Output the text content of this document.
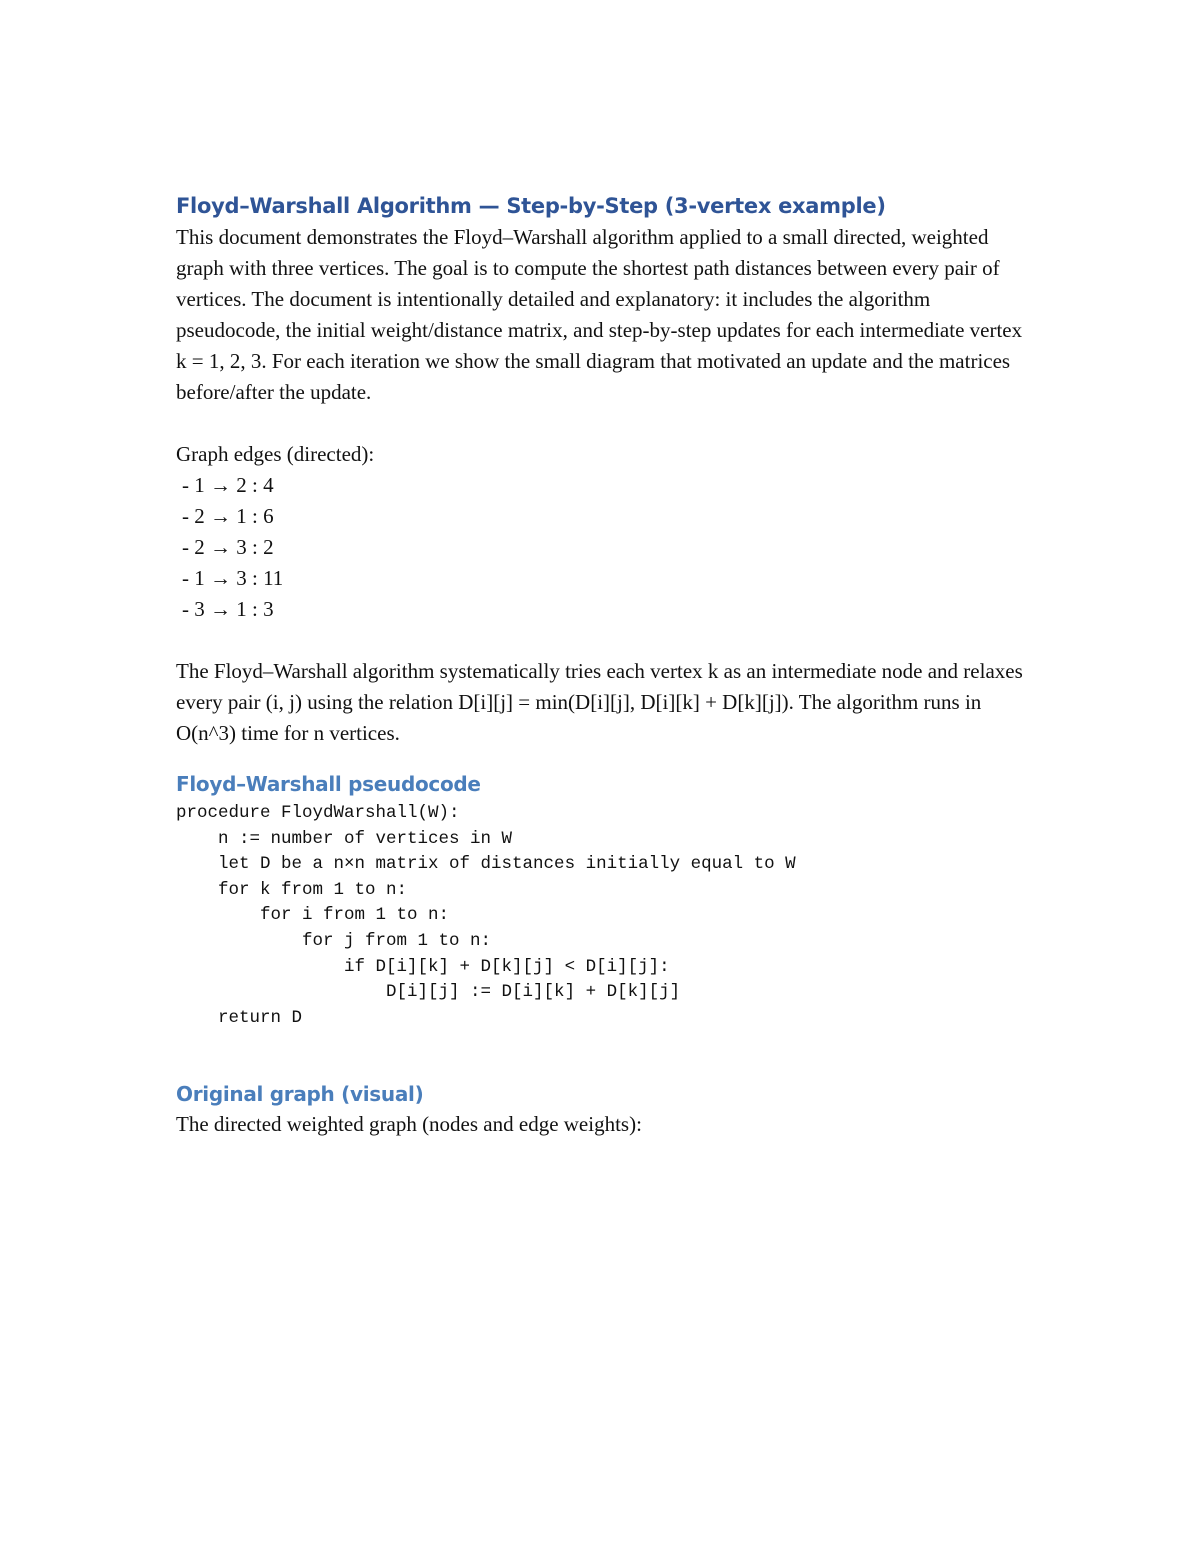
Floyd–Warshall Algorithm — Step-by-Step (3-vertex example)

This document demonstrates the Floyd–Warshall algorithm applied to a small directed, weighted graph with three vertices. The goal is to compute the shortest path distances between every pair of vertices. The document is intentionally detailed and explanatory: it includes the algorithm pseudocode, the initial weight/distance matrix, and step-by-step updates for each intermediate vertex k = 1, 2, 3. For each iteration we show the small diagram that motivated an update and the matrices before/after the update.

Graph edges (directed):

- 1 → 2 : 4
- 2 → 1 : 6
- 2 → 3 : 2
- 1 → 3 : 11
- 3 → 1 : 3

The Floyd–Warshall algorithm systematically tries each vertex k as an intermediate node and relaxes every pair (i, j) using the relation D[i][j] = min(D[i][j], D[i][k] + D[k][j]). The algorithm runs in O(n^3) time for n vertices.

Floyd–Warshall pseudocode
procedure FloydWarshall(W):
n := number of vertices in W
let D be a n×n matrix of distances initially equal to W
for k from 1 to n:
for i from 1 to n:
for j from 1 to n:
if D[i][k] + D[k][j] < D[i][j]:
D[i][j] := D[i][k] + D[k][j]
return D
Original graph (visual)

The directed weighted graph (nodes and edge weights):
